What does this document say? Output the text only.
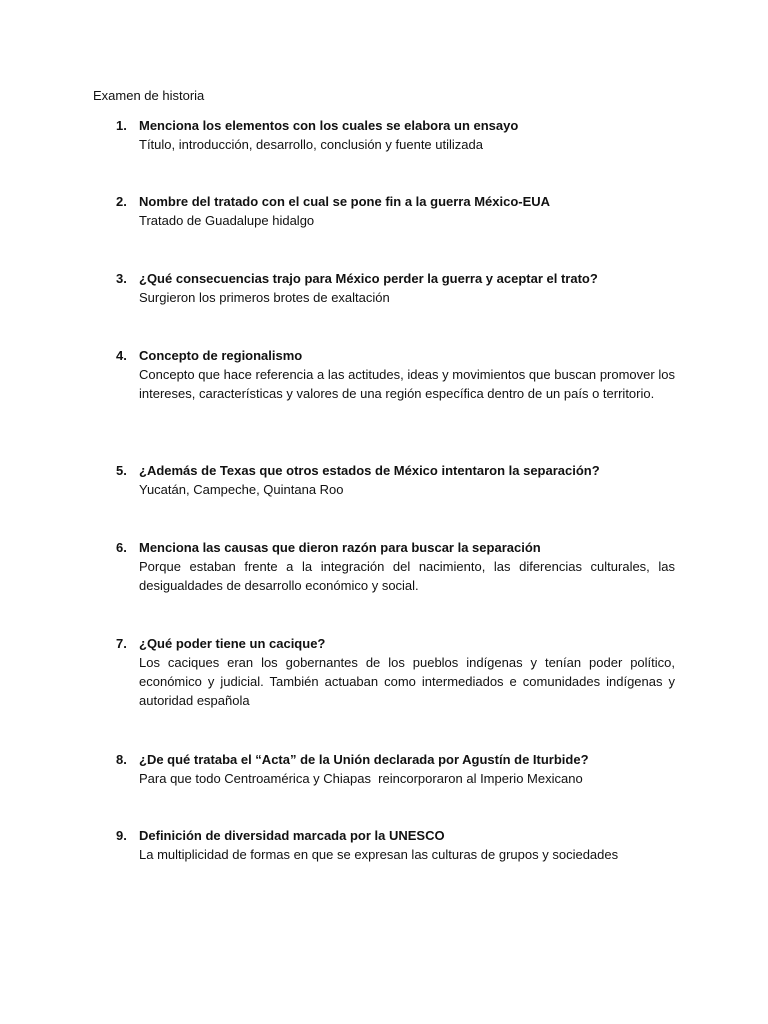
Examen de historia

1. Menciona los elementos con los cuales se elabora un ensayo

Título, introducción, desarrollo, conclusión y fuente utilizada

2. Nombre del tratado con el cual se pone fin a la guerra México-EUA

Tratado de Guadalupe hidalgo

3. ¿Qué consecuencias trajo para México perder la guerra y aceptar el trato?

Surgieron los primeros brotes de exaltación

4. Concepto de regionalismo

Concepto que hace referencia a las actitudes, ideas y movimientos que buscan promover los intereses, características y valores de una región específica dentro de un país o territorio.

5. ¿Además de Texas que otros estados de México intentaron la separación?

Yucatán, Campeche, Quintana Roo

6. Menciona las causas que dieron razón para buscar la separación

Porque estaban frente a la integración del nacimiento, las diferencias culturales, las desigualdades de desarrollo económico y social.

7. ¿Qué poder tiene un cacique?

Los caciques eran los gobernantes de los pueblos indígenas y tenían poder político, económico y judicial. También actuaban como intermediados e comunidades indígenas y autoridad española

8. ¿De qué trataba el “Acta” de la Unión declarada por Agustín de Iturbide?

Para que todo Centroamérica y Chiapas  reincorporaron al Imperio Mexicano

9. Definición de diversidad marcada por la UNESCO

La multiplicidad de formas en que se expresan las culturas de grupos y sociedades
